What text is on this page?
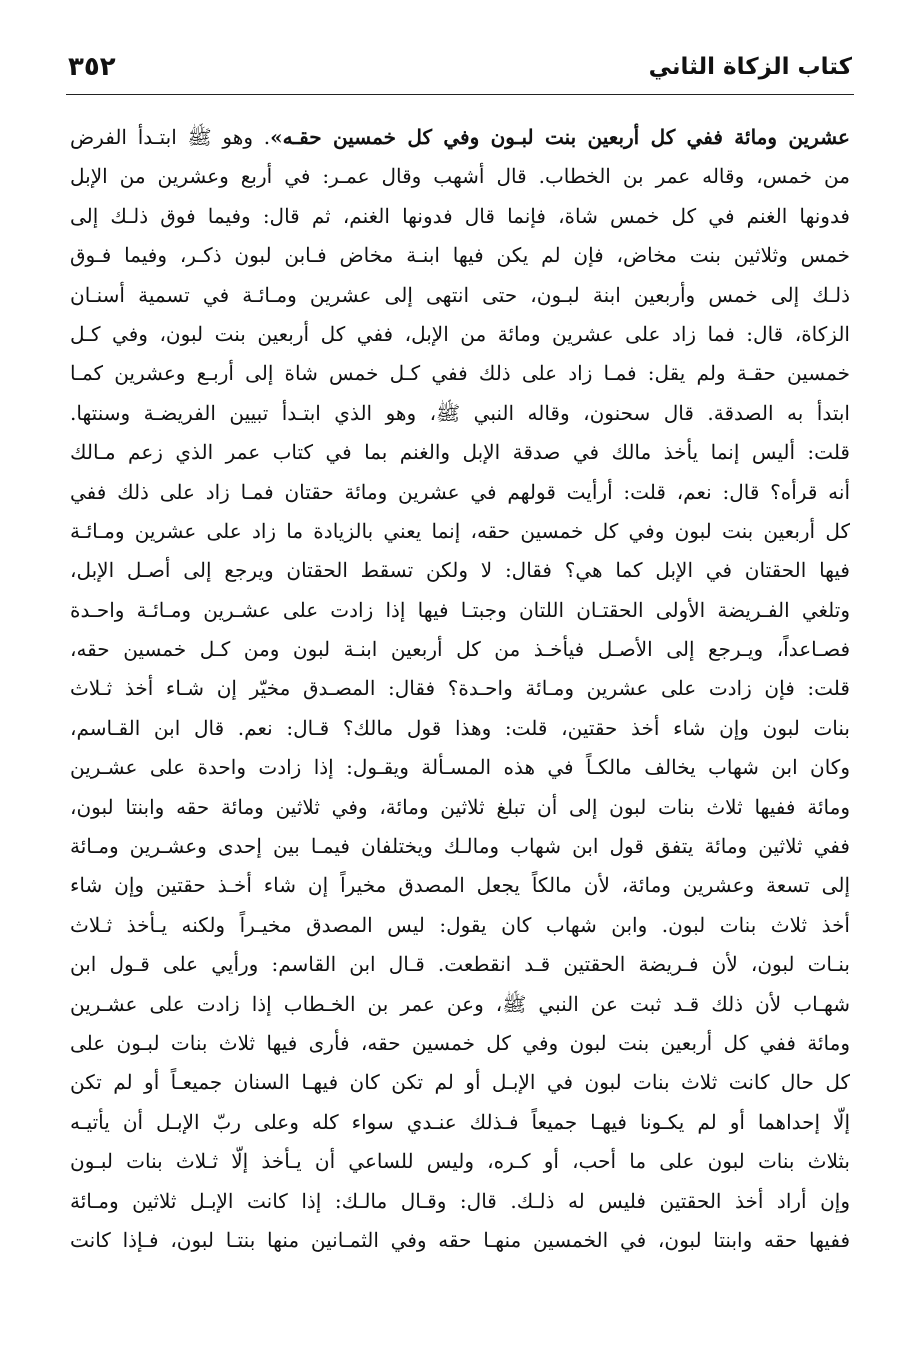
كتاب الزكاة الثاني
٣٥٢
عشرين ومائة ففي كل أربعين بنت لبـون وفي كل خمسين حقـه». وهو ﷺ ابتـدأ الفرض
من خمس، وقاله عمر بن الخطاب. قال أشهب وقال عمـر: في أربع وعشرين من الإبل
فدونها الغنم في كل خمس شاة، فإنما قال فدونها الغنم، ثم قال: وفيما فوق ذلـك إلى
خمس وثلاثين بنت مخاض، فإن لم يكن فيها ابنـة مخاض فـابن لبون ذكـر، وفيما فـوق
ذلـك إلى خمس وأربعين ابنة لبـون، حتى انتهى إلى عشرين ومـائـة في تسمية أسنـان
الزكاة، قال: فما زاد على عشرين ومائة من الإبل، ففي كل أربعين بنت لبون، وفي كـل
خمسين حقـة ولم يقل: فمـا زاد على ذلك ففي كـل خمس شاة إلى أربـع وعشرين كمـا
ابتدأ به الصدقة. قال سحنون، وقاله النبي ﷺ، وهو الذي ابتـدأ تبيين الفريضـة وسنتها.
قلت: أليس إنما يأخذ مالك في صدقة الإبل والغنم بما في كتاب عمر الذي زعم مـالك
أنه قرأه؟ قال: نعم، قلت: أرأيت قولهم في عشرين ومائة حقتان فمـا زاد على ذلك ففي
كل أربعين بنت لبون وفي كل خمسين حقه، إنما يعني بالزيادة ما زاد على عشرين ومـائـة
فيها الحقتان في الإبل كما هي؟ فقال: لا ولكن تسقط الحقتان ويرجع إلى أصـل الإبل،
وتلغي الفـريضة الأولى الحقتـان اللتان وجبتـا فيها إذا زادت على عشـرين ومـائـة واحـدة
فصـاعداً، ويـرجع إلى الأصـل فيأخـذ من كل أربعين ابنـة لبون ومن كـل خمسين حقه،
قلت: فإن زادت على عشرين ومـائة واحـدة؟ فقال: المصـدق مخيّر إن شـاء أخذ ثـلاث
بنات لبون وإن شاء أخذ حقتين، قلت: وهذا قول مالك؟ قـال: نعم. قال ابن القـاسم،
وكان ابن شهاب يخالف مالكـاً في هذه المسـألة ويقـول: إذا زادت واحدة على عشـرين
ومائة ففيها ثلاث بنات لبون إلى أن تبلغ ثلاثين ومائة، وفي ثلاثين ومائة حقه وابنتا لبون،
ففي ثلاثين ومائة يتفق قول ابن شهاب ومالـك ويختلفان فيمـا بين إحدى وعشـرين ومـائة
إلى تسعة وعشرين ومائة، لأن مالكاً يجعل المصدق مخيراً إن شاء أخـذ حقتين وإن شاء
أخذ ثلاث بنات لبون. وابن شهاب كان يقول: ليس المصدق مخيـراً ولكنه يـأخذ ثـلاث
بنـات لبون، لأن فـريضة الحقتين قـد انقطعت. قـال ابن القاسم: ورأيي على قـول ابن
شهـاب لأن ذلك قـد ثبت عن النبي ﷺ، وعن عمر بن الخـطاب إذا زادت على عشـرين
ومائة ففي كل أربعين بنت لبون وفي كل خمسين حقه، فأرى فيها ثلاث بنات لبـون على
كل حال كانت ثلاث بنات لبون في الإبـل أو لم تكن كان فيهـا السنان جميعـاً أو لم تكن
إلّا إحداهما أو لم يكـونا فيهـا جميعاً فـذلك عنـدي سواء كله وعلى ربّ الإبـل أن يأتيـه
بثلاث بنات لبون على ما أحب، أو كـره، وليس للساعي أن يـأخذ إلّا ثـلاث بنات لبـون
وإن أراد أخذ الحقتين فليس له ذلـك. قال: وقـال مالـك: إذا كانت الإبـل ثلاثين ومـائة
ففيها حقه وابنتا لبون، في الخمسين منهـا حقه وفي الثمـانين منها بنتـا لبون، فـإذا كانت
